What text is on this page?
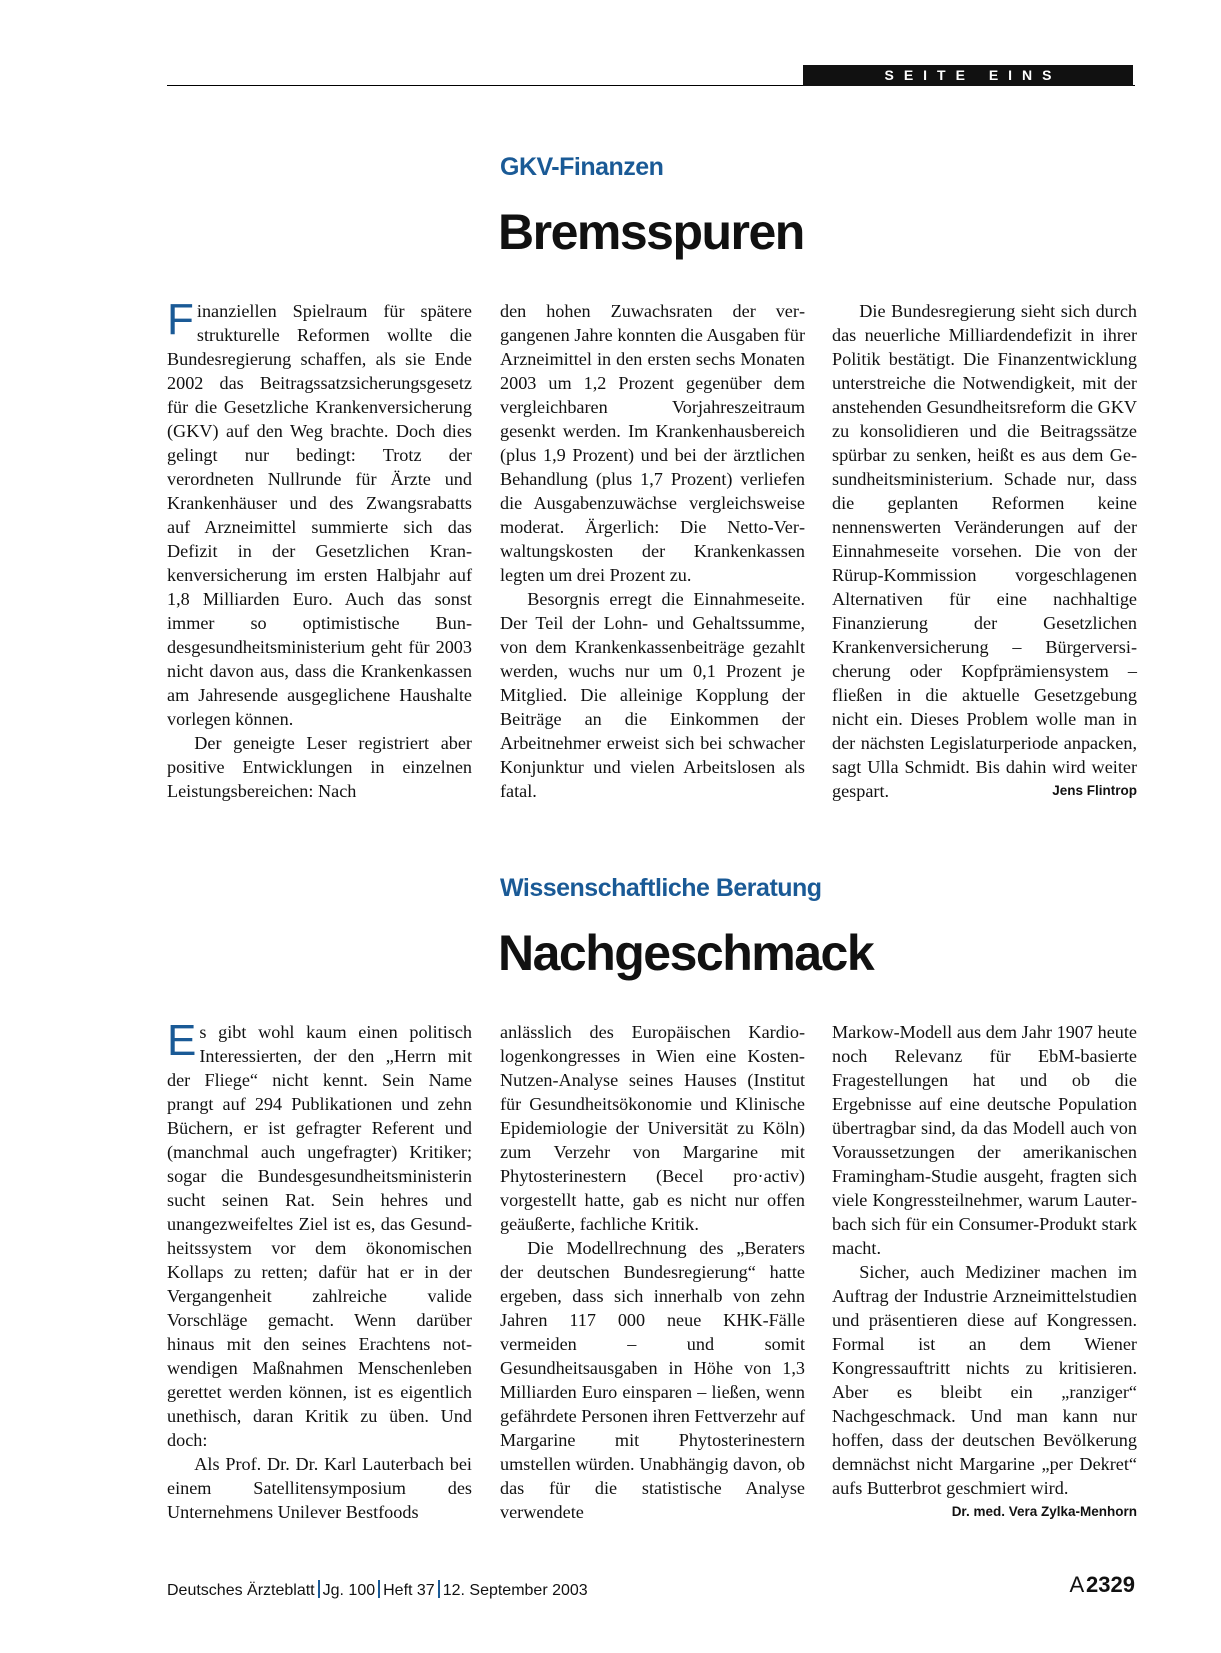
SEITE EINS
GKV-Finanzen
Bremsspuren

Finanziellen Spielraum für spätere strukturelle Reformen wollte die Bundesregierung schaffen, als sie Ende 2002 das Beitragssatzsicherungsgesetz für die Gesetzliche Krankenversicherung (GKV) auf den Weg brachte. Doch dies gelingt nur bedingt: Trotz der verordneten Nullrunde für Ärzte und Krankenhäuser und des Zwangsrabatts auf Arzneimittel summierte sich das Defizit in der Gesetzlichen Krankenversicherung im ersten Halbjahr auf 1,8 Milliarden Euro. Auch das sonst immer so optimistische Bundesgesundheitsministerium geht für 2003 nicht davon aus, dass die Krankenkassen am Jahresende ausgeglichene Haushalte vorlegen können.

Der geneigte Leser registriert aber positive Entwicklungen in einzelnen Leistungsbereichen: Nach

den hohen Zuwachsraten der vergangenen Jahre konnten die Ausgaben für Arzneimittel in den ersten sechs Monaten 2003 um 1,2 Prozent gegenüber dem vergleichbaren Vorjahreszeitraum gesenkt werden. Im Krankenhausbereich (plus 1,9 Prozent) und bei der ärztlichen Behandlung (plus 1,7 Prozent) verliefen die Ausgabenzuwächse vergleichsweise moderat. Ärgerlich: Die Netto-Verwaltungskosten der Krankenkassen legten um drei Prozent zu.

Besorgnis erregt die Einnahmeseite. Der Teil der Lohn- und Gehaltssumme, von dem Krankenkassenbeiträge gezahlt werden, wuchs nur um 0,1 Prozent je Mitglied. Die alleinige Kopplung der Beiträge an die Einkommen der Arbeitnehmer erweist sich bei schwacher Konjunktur und vielen Arbeitslosen als fatal.

Die Bundesregierung sieht sich durch das neuerliche Milliardendefizit in ihrer Politik bestätigt. Die Finanzentwicklung unterstreiche die Notwendigkeit, mit der anstehenden Gesundheitsreform die GKV zu konsolidieren und die Beitragssätze spürbar zu senken, heißt es aus dem Gesundheitsministerium. Schade nur, dass die geplanten Reformen keine nennenswerten Veränderungen auf der Einnahmeseite vorsehen. Die von der Rürup-Kommission vorgeschlagenen Alternativen für eine nachhaltige Finanzierung der Gesetzlichen Krankenversicherung – Bürgerversicherung oder Kopfprämiensystem – fließen in die aktuelle Gesetzgebung nicht ein. Dieses Problem wolle man in der nächsten Legislaturperiode anpacken, sagt Ulla Schmidt. Bis dahin wird weiter gespart.	Jens Flintrop

Wissenschaftliche Beratung
Nachgeschmack

Es gibt wohl kaum einen politisch Interessierten, der den „Herrn mit der Fliege“ nicht kennt. Sein Name prangt auf 294 Publikationen und zehn Büchern, er ist gefragter Referent und (manchmal auch ungefragter) Kritiker; sogar die Bundesgesundheitsministerin sucht seinen Rat. Sein hehres und unangezweifeltes Ziel ist es, das Gesundheitssystem vor dem ökonomischen Kollaps zu retten; dafür hat er in der Vergangenheit zahlreiche valide Vorschläge gemacht. Wenn darüber hinaus mit den seines Erachtens notwendigen Maßnahmen Menschenleben gerettet werden können, ist es eigentlich unethisch, daran Kritik zu üben. Und doch:

Als Prof. Dr. Dr. Karl Lauterbach bei einem Satellitensymposium des Unternehmens Unilever Bestfoods

anlässlich des Europäischen Kardiologenkongresses in Wien eine Kosten-Nutzen-Analyse seines Hauses (Institut für Gesundheitsökonomie und Klinische Epidemiologie der Universität zu Köln) zum Verzehr von Margarine mit Phytosterinestern (Becel pro·activ) vorgestellt hatte, gab es nicht nur offen geäußerte, fachliche Kritik.

Die Modellrechnung des „Beraters der deutschen Bundesregierung“ hatte ergeben, dass sich innerhalb von zehn Jahren 117 000 neue KHK-Fälle vermeiden – und somit Gesundheitsausgaben in Höhe von 1,3 Milliarden Euro einsparen – ließen, wenn gefährdete Personen ihren Fettverzehr auf Margarine mit Phytosterinestern umstellen würden. Unabhängig davon, ob das für die statistische Analyse verwendete

Markow-Modell aus dem Jahr 1907 heute noch Relevanz für EbM-basierte Fragestellungen hat und ob die Ergebnisse auf eine deutsche Population übertragbar sind, da das Modell auch von Voraussetzungen der amerikanischen Framingham-Studie ausgeht, fragten sich viele Kongressteilnehmer, warum Lauterbach sich für ein Consumer-Produkt stark macht.

Sicher, auch Mediziner machen im Auftrag der Industrie Arzneimittelstudien und präsentieren diese auf Kongressen. Formal ist an dem Wiener Kongressauftritt nichts zu kritisieren. Aber es bleibt ein „ranziger“ Nachgeschmack. Und man kann nur hoffen, dass der deutschen Bevölkerung demnächst nicht Margarine „per Dekret“ aufs Butterbrot geschmiert wird.
Dr. med. Vera Zylka-Menhorn

Deutsches Ärzteblatt Jg. 100 Heft 37 12. September 2003	A 2329
